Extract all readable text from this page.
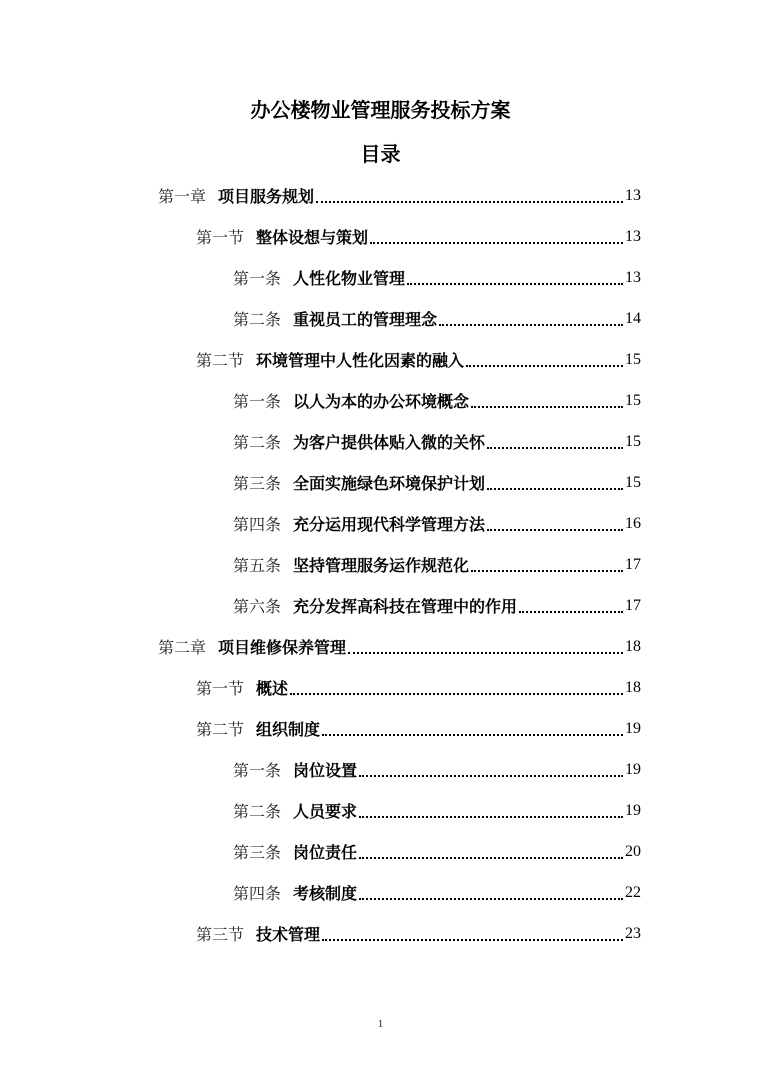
办公楼物业管理服务投标方案
目录
第一章 项目服务规划	13
第一节 整体设想与策划	13
第一条 人性化物业管理	13
第二条 重视员工的管理理念	14
第二节 环境管理中人性化因素的融入	15
第一条 以人为本的办公环境概念	15
第二条 为客户提供体贴入微的关怀	15
第三条 全面实施绿色环境保护计划	15
第四条 充分运用现代科学管理方法	16
第五条 坚持管理服务运作规范化	17
第六条 充分发挥高科技在管理中的作用	17
第二章 项目维修保养管理	18
第一节 概述	18
第二节 组织制度	19
第一条 岗位设置	19
第二条 人员要求	19
第三条 岗位责任	20
第四条 考核制度	22
第三节 技术管理	23
1
